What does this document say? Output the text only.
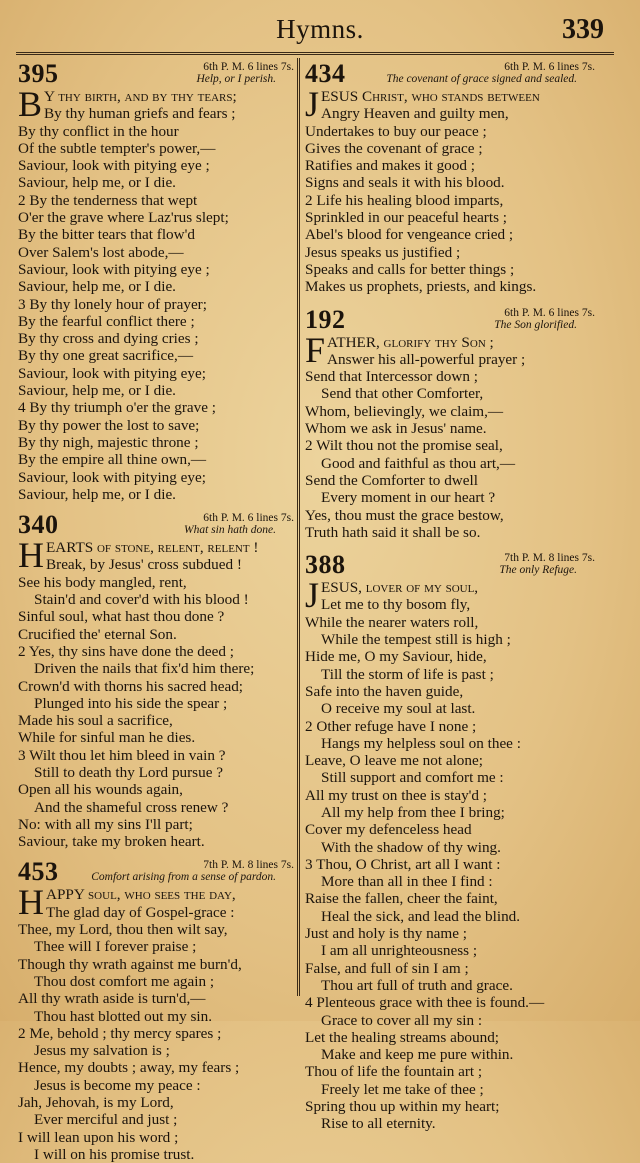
Hymns.	339
395	6th P. M. 6 lines 7s.
Help, or I perish.
B Y thy birth, and by thy tears;
By thy human griefs and fears ;
By thy conflict in the hour
Of the subtle tempter's power,—
Saviour, look with pitying eye ;
Saviour, help me, or I die.
2 By the tenderness that wept
O'er the grave where Laz'rus slept;
By the bitter tears that flow'd
Over Salem's lost abode,—
Saviour, look with pitying eye ;
Saviour, help me, or I die.
3 By thy lonely hour of prayer;
By the fearful conflict there ;
By thy cross and dying cries ;
By thy one great sacrifice,—
Saviour, look with pitying eye;
Saviour, help me, or I die.
4 By thy triumph o'er the grave ;
By thy power the lost to save;
By thy nigh, majestic throne ;
By the empire all thine own,—
Saviour, look with pitying eye;
Saviour, help me, or I die.
340	6th P. M. 6 lines 7s.
What sin hath done.
HEARTS of stone, relent, relent !
Break, by Jesus' cross subdued !
See his body mangled, rent,
Stain'd and cover'd with his blood !
Sinful soul, what hast thou done ?
Crucified the' eternal Son.
2 Yes, thy sins have done the deed ;
Driven the nails that fix'd him there;
Crown'd with thorns his sacred head;
Plunged into his side the spear ;
Made his soul a sacrifice,
While for sinful man he dies.
3 Wilt thou let him bleed in vain ?
Still to death thy Lord pursue ?
Open all his wounds again,
And the shameful cross renew ?
No: with all my sins I'll part;
Saviour, take my broken heart.
453	7th P. M. 8 lines 7s.
Comfort arising from a sense of pardon.
HAPPY soul, who sees the day,
The glad day of Gospel-grace :
Thee, my Lord, thou then wilt say,
Thee will I forever praise ;
Though thy wrath against me burn'd,
Thou dost comfort me again ;
All thy wrath aside is turn'd,—
Thou hast blotted out my sin.
2 Me, behold ; thy mercy spares ;
Jesus my salvation is ;
Hence, my doubts ; away, my fears ;
Jesus is become my peace :
Jah, Jehovah, is my Lord,
Ever merciful and just ;
I will lean upon his word ;
I will on his promise trust.
434	6th P. M. 6 lines 7s.
The covenant of grace signed and sealed.
JESUS Christ, who stands between
Angry Heaven and guilty men,
Undertakes to buy our peace ;
Gives the covenant of grace ;
Ratifies and makes it good ;
Signs and seals it with his blood.
2 Life his healing blood imparts,
Sprinkled in our peaceful hearts ;
Abel's blood for vengeance cried ;
Jesus speaks us justified ;
Speaks and calls for better things ;
Makes us prophets, priests, and kings.
192	6th P. M. 6 lines 7s.
The Son glorified.
FATHER, glorify thy Son ;
Answer his all-powerful prayer ;
Send that Intercessor down ;
Send that other Comforter,
Whom, believingly, we claim,—
Whom we ask in Jesus' name.
2 Wilt thou not the promise seal,
Good and faithful as thou art,—
Send the Comforter to dwell
Every moment in our heart ?
Yes, thou must the grace bestow,
Truth hath said it shall be so.
388	7th P. M. 8 lines 7s.
The only Refuge.
JESUS, lover of my soul,
Let me to thy bosom fly,
While the nearer waters roll,
While the tempest still is high ;
Hide me, O my Saviour, hide,
Till the storm of life is past ;
Safe into the haven guide,
O receive my soul at last.
2 Other refuge have I none ;
Hangs my helpless soul on thee :
Leave, O leave me not alone;
Still support and comfort me :
All my trust on thee is stay'd ;
All my help from thee I bring;
Cover my defenceless head
With the shadow of thy wing.
3 Thou, O Christ, art all I want :
More than all in thee I find :
Raise the fallen, cheer the faint,
Heal the sick, and lead the blind.
Just and holy is thy name ;
I am all unrighteousness ;
False, and full of sin I am ;
Thou art full of truth and grace.
4 Plenteous grace with thee is found.—
Grace to cover all my sin :
Let the healing streams abound;
Make and keep me pure within.
Thou of life the fountain art ;
Freely let me take of thee ;
Spring thou up within my heart;
Rise to all eternity.
